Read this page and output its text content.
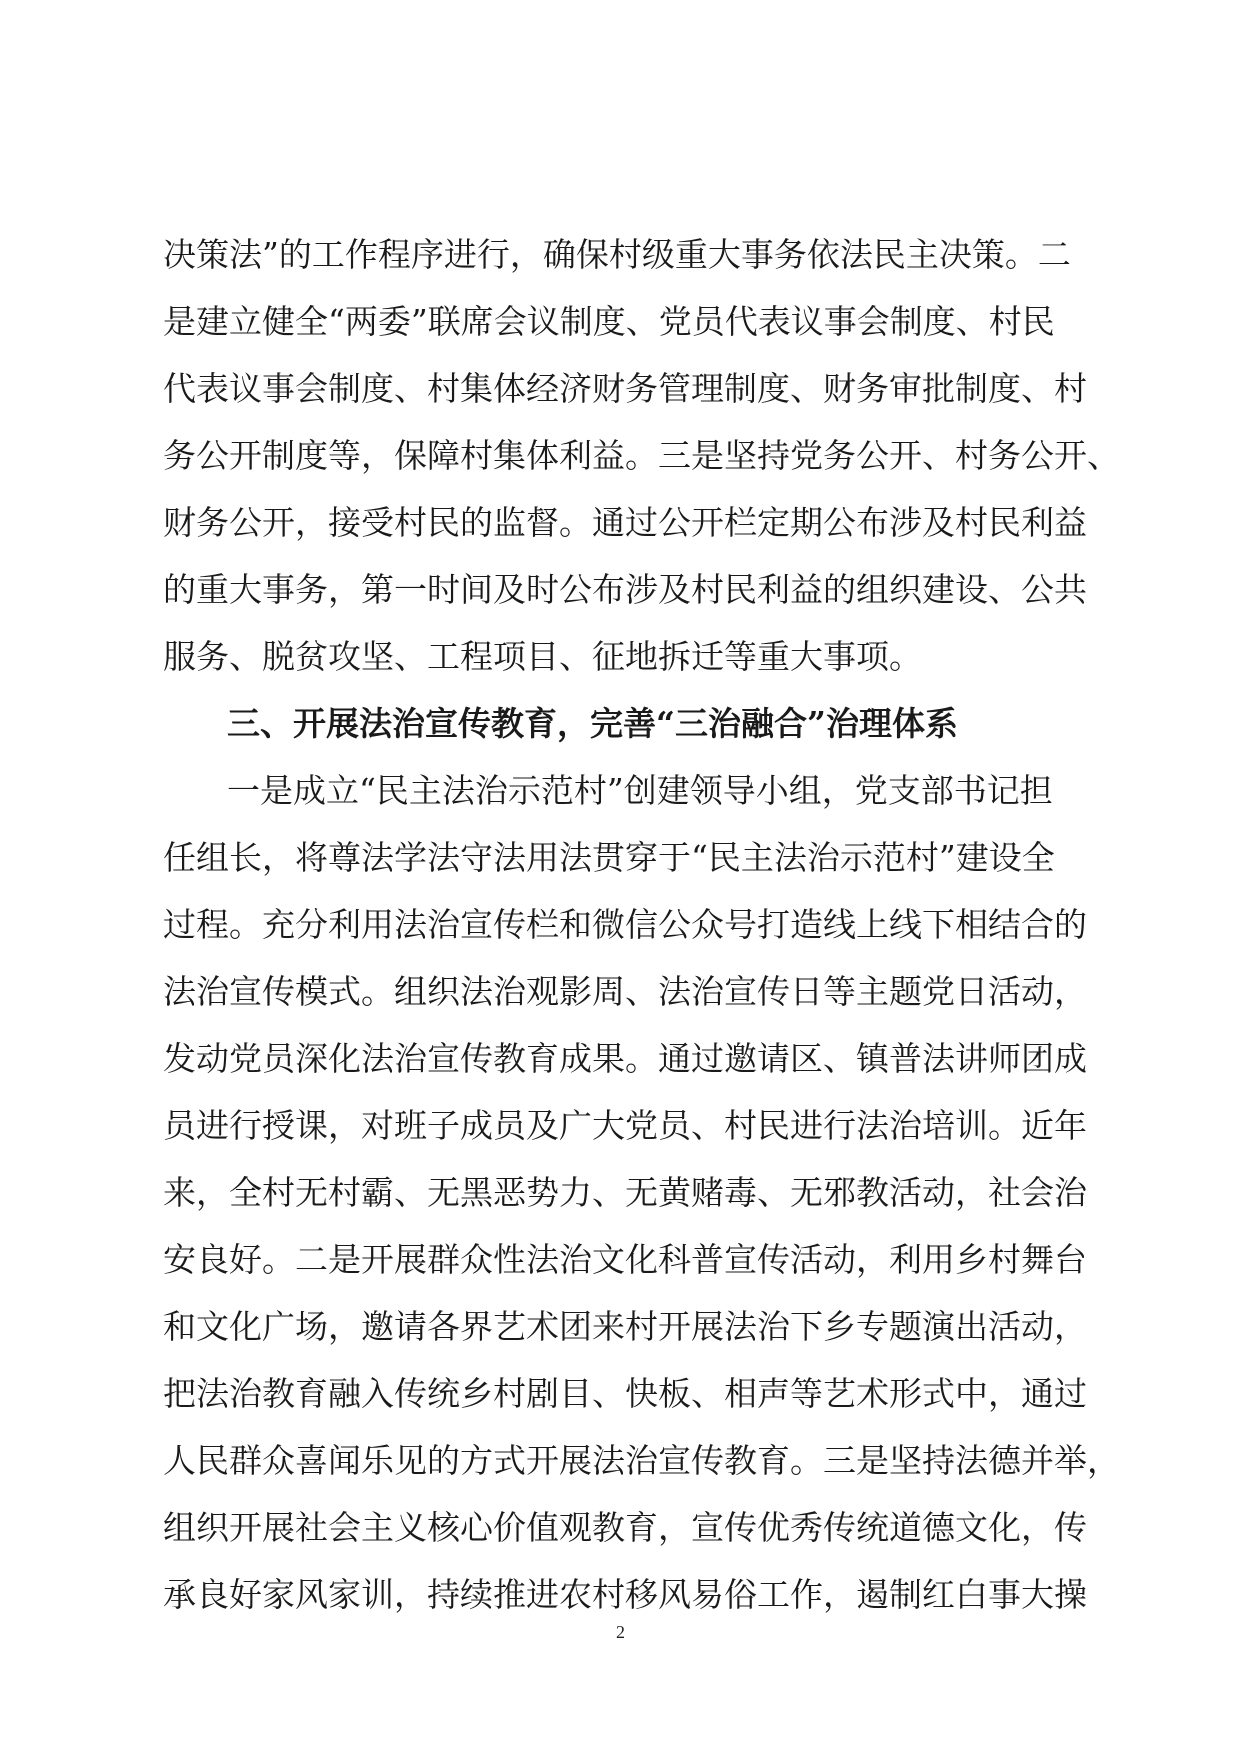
决策法”的工作程序进行，确保村级重大事务依法民主决策。二
是建立健全“两委”联席会议制度、党员代表议事会制度、村民
代表议事会制度、村集体经济财务管理制度、财务审批制度、村
务公开制度等，保障村集体利益。三是坚持党务公开、村务公开、
财务公开，接受村民的监督。通过公开栏定期公布涉及村民利益
的重大事务，第一时间及时公布涉及村民利益的组织建设、公共
服务、脱贫攻坚、工程项目、征地拆迁等重大事项。
三、开展法治宣传教育，完善“三治融合”治理体系
一是成立“民主法治示范村”创建领导小组，党支部书记担
任组长，将尊法学法守法用法贯穿于“民主法治示范村”建设全
过程。充分利用法治宣传栏和微信公众号打造线上线下相结合的
法治宣传模式。组织法治观影周、法治宣传日等主题党日活动，
发动党员深化法治宣传教育成果。通过邀请区、镇普法讲师团成
员进行授课，对班子成员及广大党员、村民进行法治培训。近年
来，全村无村霸、无黑恶势力、无黄赌毒、无邪教活动，社会治
安良好。二是开展群众性法治文化科普宣传活动，利用乡村舞台
和文化广场，邀请各界艺术团来村开展法治下乡专题演出活动，
把法治教育融入传统乡村剧目、快板、相声等艺术形式中，通过
人民群众喜闻乐见的方式开展法治宣传教育。三是坚持法德并举，
组织开展社会主义核心价值观教育，宣传优秀传统道德文化，传
承良好家风家训，持续推进农村移风易俗工作，遏制红白事大操
2
